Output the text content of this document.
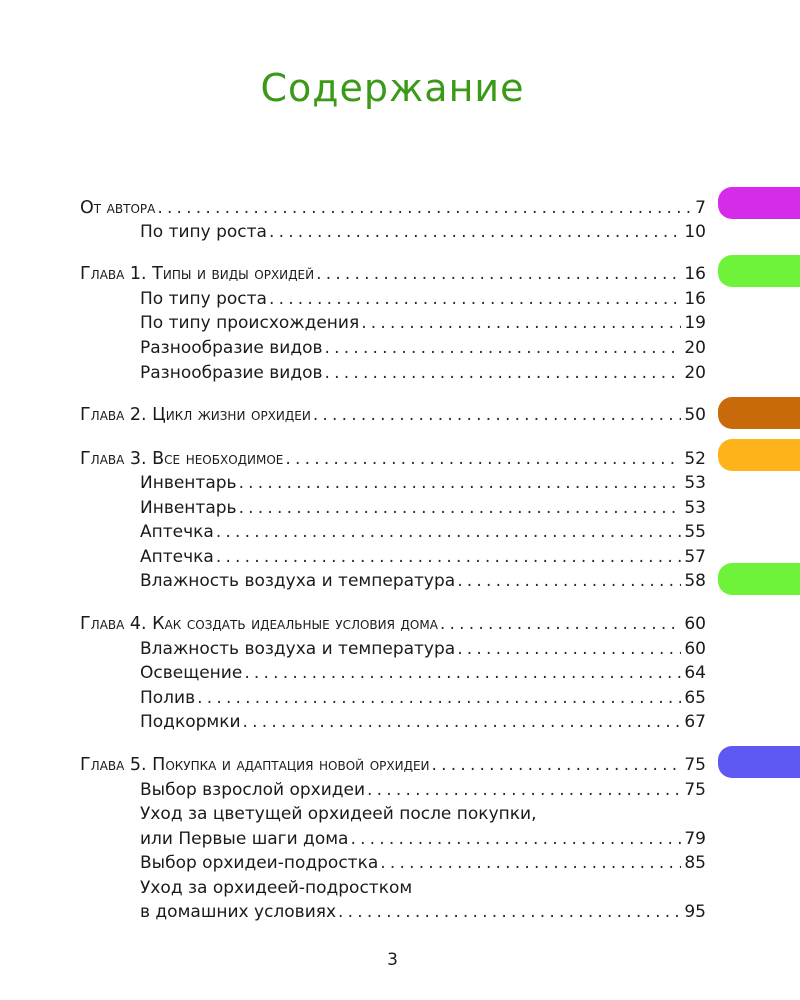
Содержание
От автора . . .	7
По типу роста . . .	10
Глава 1. Типы и виды орхидей . . .	16
По типу роста . . .	16
По типу происхождения . . .	19
Разнообразие видов . . .	20
Разнообразие видов . . .	20
Глава 2. Цикл жизни орхидеи . . .	50
Глава 3. Все необходимое . . .	52
Инвентарь . . .	53
Инвентарь . . .	53
Аптечка . . .	55
Аптечка . . .	57
Влажность воздуха и температура . . .	58
Глава 4. Как создать идеальные условия дома . . .	60
Влажность воздуха и температура . . .	60
Освещение . . .	64
Полив . . .	65
Подкормки . . .	67
Глава 5. Покупка и адаптация новой орхидеи . . .	75
Выбор взрослой орхидеи . . .	75
Уход за цветущей орхидеей после покупки,
или Первые шаги дома . . .	79
Выбор орхидеи-подростка . . .	85
Уход за орхидеей-подростком
в домашних условиях . . .	95
3
